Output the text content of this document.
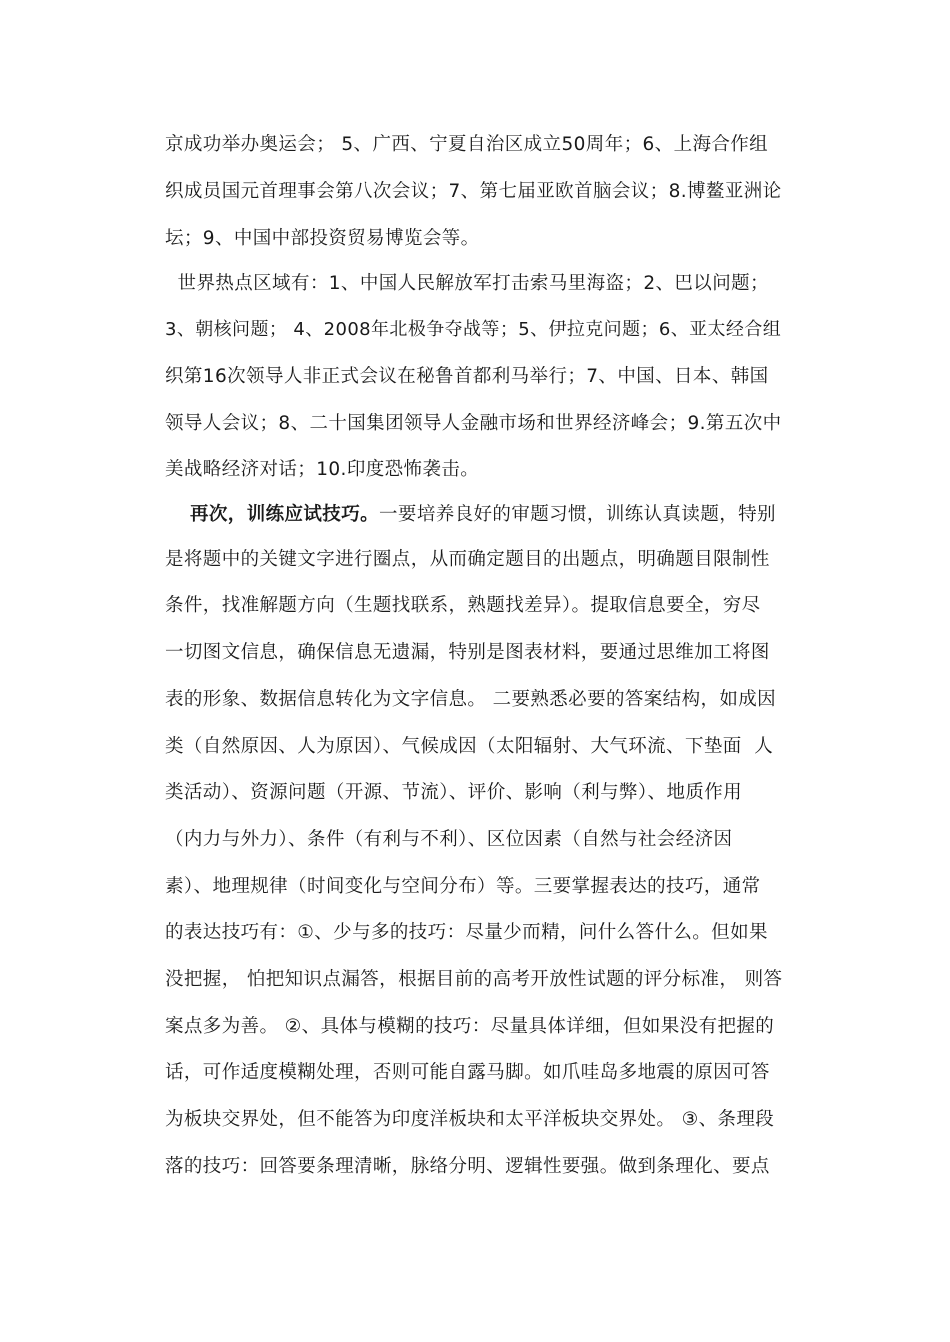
京成功举办奥运会； 5、广西、宁夏自治区成立50周年；6、上海合作组
织成员国元首理事会第八次会议；7、第七届亚欧首脑会议；8.博鳌亚洲论
坛；9、中国中部投资贸易博览会等。
世界热点区域有：1、中国人民解放军打击索马里海盗；2、巴以问题；
3、朝核问题； 4、2008年北极争夺战等；5、伊拉克问题；6、亚太经合组
织第16次领导人非正式会议在秘鲁首都利马举行；7、中国、日本、韩国
领导人会议；8、二十国集团领导人金融市场和世界经济峰会；9.第五次中
美战略经济对话；10.印度恐怖袭击。
再次，训练应试技巧。一要培养良好的审题习惯，训练认真读题，特别
是将题中的关键文字进行圈点，从而确定题目的出题点，明确题目限制性
条件，找准解题方向（生题找联系，熟题找差异）。提取信息要全，穷尽
一切图文信息，确保信息无遗漏，特别是图表材料，要通过思维加工将图
表的形象、数据信息转化为文字信息。 二要熟悉必要的答案结构，如成因
类（自然原因、人为原因）、气候成因（太阳辐射、大气环流、下垫面  人
类活动）、资源问题（开源、节流）、评价、影响（利与弊）、地质作用
（内力与外力）、条件（有利与不利）、区位因素（自然与社会经济因
素）、地理规律（时间变化与空间分布）等。三要掌握表达的技巧，通常
的表达技巧有：①、少与多的技巧：尽量少而精，问什么答什么。但如果
没把握， 怕把知识点漏答，根据目前的高考开放性试题的评分标准， 则答
案点多为善。 ②、具体与模糊的技巧：尽量具体详细，但如果没有把握的
话，可作适度模糊处理，否则可能自露马脚。如爪哇岛多地震的原因可答
为板块交界处，但不能答为印度洋板块和太平洋板块交界处。 ③、条理段
落的技巧：回答要条理清晰，脉络分明、逻辑性要强。做到条理化、要点
